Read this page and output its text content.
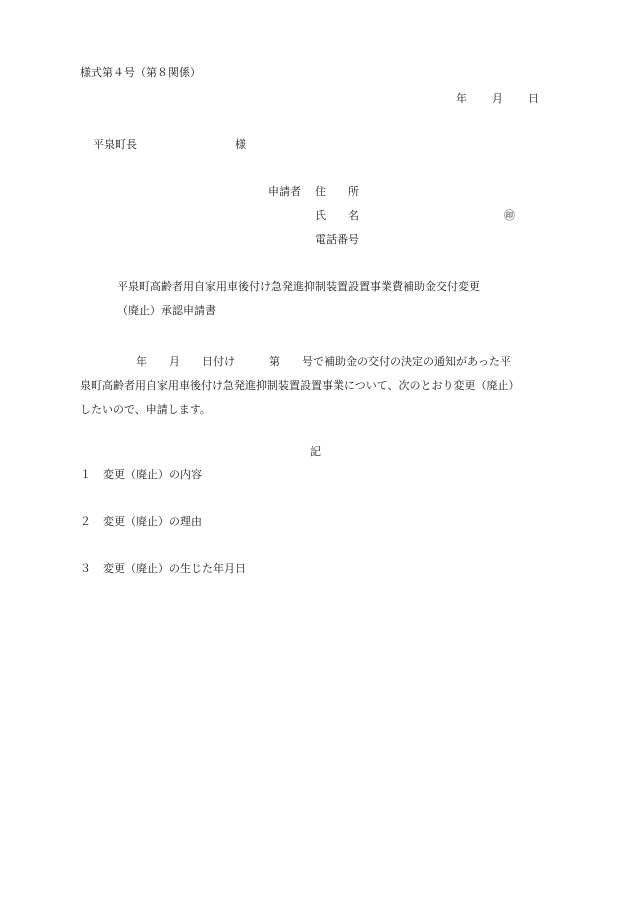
様式第４号（第８関係）
年 月 日
平泉町長	様
申請者 住　　所
氏　　名	㊞
電話番号
平泉町高齢者用自家用車後付け急発進抑制装置設置事業費補助金交付変更
（廃止）承認申請書
年 月 日付け	第 号で補助金の交付の決定の通知があった平
泉町高齢者用自家用車後付け急発進抑制装置設置事業について、次のとおり変更（廃止）
したいので、申請します。
記
１ 変更（廃止）の内容
２ 変更（廃止）の理由
３ 変更（廃止）の生じた年月日
